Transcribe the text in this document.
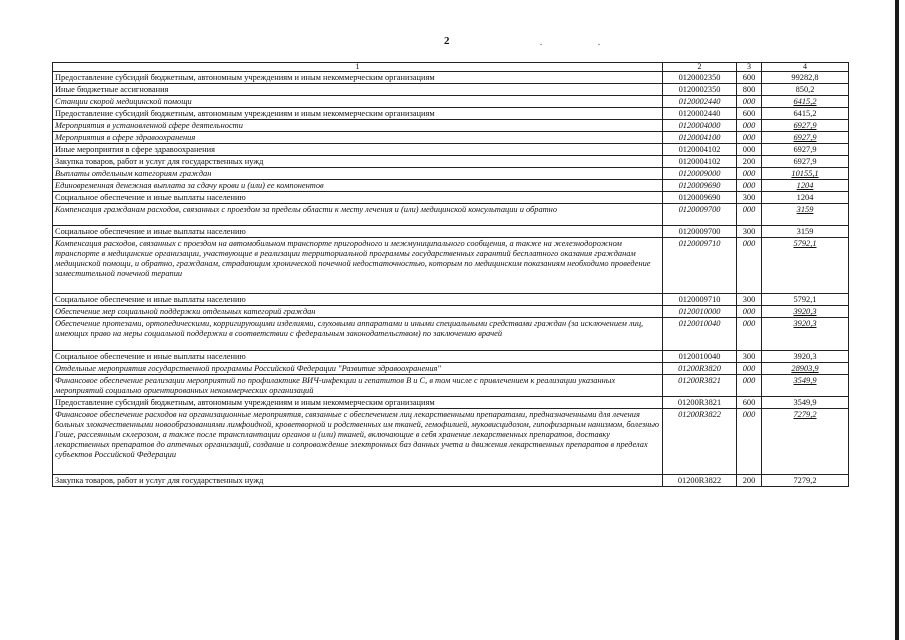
2
1	2	3	4
Предоставление субсидий бюджетным, автономным учреждениям и иным некоммерческим организациям	0120002350	600	99282,8
Иные бюджетные ассигнования	0120002350	800	850,2
Станции скорой медицинской помощи	0120002440	000	6415,2
Предоставление субсидий бюджетным, автономным учреждениям и иным некоммерческим организациям	0120002440	600	6415,2
Мероприятия в установленной сфере деятельности	0120004000	000	6927,9
Мероприятия в сфере здравоохранения	0120004100	000	6927,9
Иные мероприятия в сфере здравоохранения	0120004102	000	6927,9
Закупка товаров, работ и услуг для государственных нужд	0120004102	200	6927,9
Выплаты отдельным категориям граждан	0120009000	000	10155,1
Единовременная денежная выплата за сдачу крови и (или) ее компонентов	0120009690	000	1204
Социальное обеспечение и иные выплаты населению	0120009690	300	1204
Компенсация гражданам расходов, связанных с проездом за пределы области к месту лечения и (или) медицинской консультации и обратно	0120009700	000	3159
Социальное обеспечение и иные выплаты населению	0120009700	300	3159
Компенсация расходов, связанных с проездом на автомобильном транспорте пригородного и межмуниципального сообщения, а также на железнодорожном транспорте в медицинские организации, участвующие в реализации территориальной программы государственных гарантий бесплатного оказания гражданам медицинской помощи, и обратно, гражданам, страдающим хронической почечной недостаточностью, которым по медицинским показаниям необходимо проведение заместительной почечной терапии	0120009710	000	5792,1
Социальное обеспечение и иные выплаты населению	0120009710	300	5792,1
Обеспечение мер социальной поддержки отдельных категорий граждан	0120010000	000	3920,3
Обеспечение протезами, ортопедическими, корригирующими изделиями, слуховыми аппаратами и иными специальными средствами граждан (за исключением лиц, имеющих право на меры социальной поддержки в соответствии с федеральным законодательством) по заключению врачей	0120010040	000	3920,3
Социальное обеспечение и иные выплаты населению	0120010040	300	3920,3
Отдельные мероприятия государственной программы Российской Федерации "Развитие здравоохранения"	01200R3820	000	28903,9
Финансовое обеспечение реализации мероприятий по профилактике ВИЧ-инфекции и гепатитов В и С, в том числе с привлечением к реализации указанных мероприятий социально ориентированных некоммерческих организаций	01200R3821	000	3549,9
Предоставление субсидий бюджетным, автономным учреждениям и иным некоммерческим организациям	01200R3821	600	3549,9
Финансовое обеспечение расходов на организационные мероприятия, связанные с обеспечением лиц лекарственными препаратами, предназначенными для лечения больных злокачественными новообразованиями лимфоидной, кроветворной и родственных им тканей, гемофилией, муковисцидозом, гипофизарным нанизмом, болезнью Гоше, рассеянным склерозом, а также после трансплантации органов и (или) тканей, включающие в себя хранение лекарственных препаратов, доставку лекарственных препаратов до аптечных организаций, создание и сопровождение электронных баз данных учета и движения лекарственных препаратов в пределах субъектов Российской Федерации	01200R3822	000	7279,2
Закупка товаров, работ и услуг для государственных нужд	01200R3822	200	7279,2
